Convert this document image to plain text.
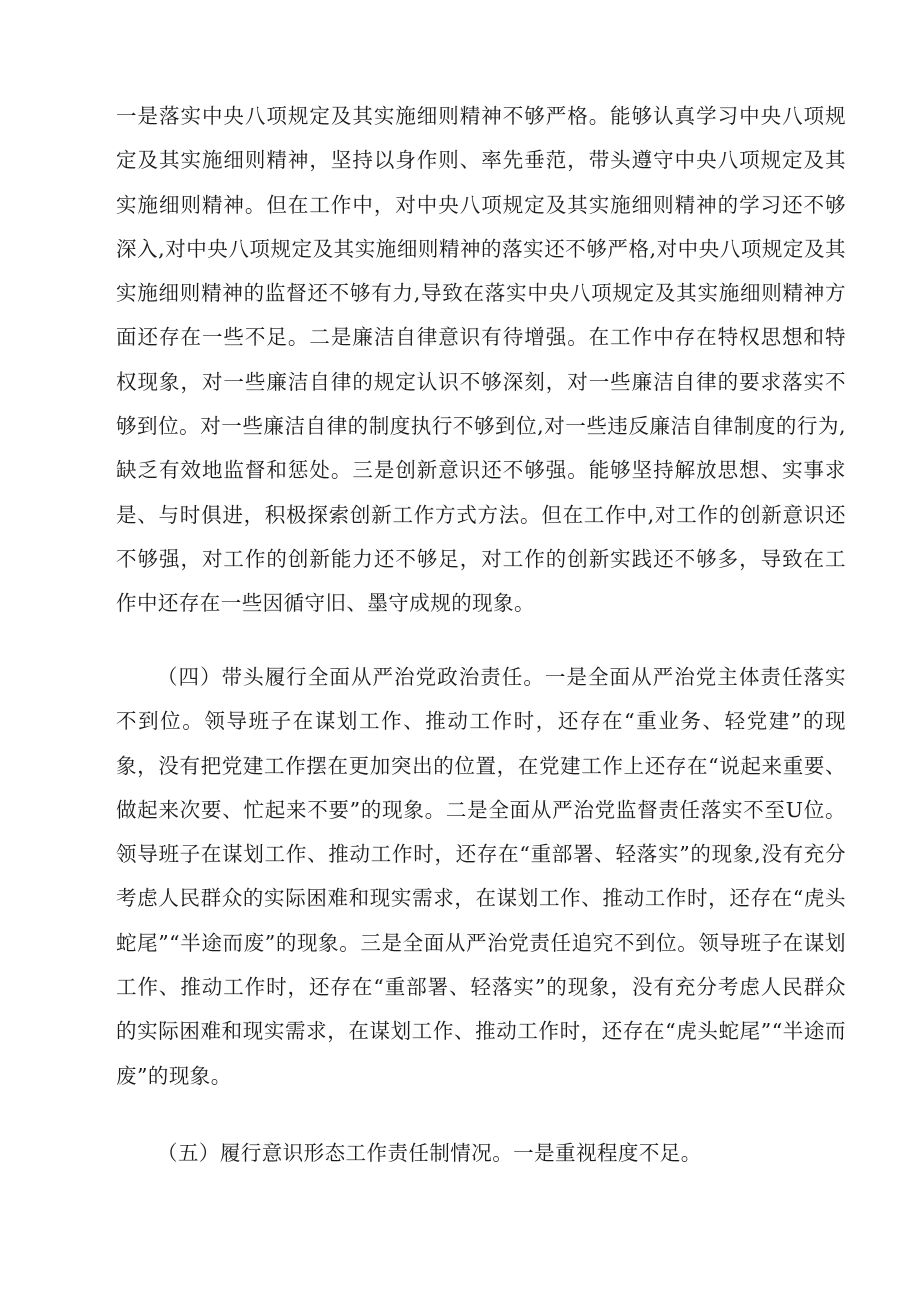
一是落实中央八项规定及其实施细则精神不够严格。能够认真学习中央八项规定及其实施细则精神，坚持以身作则、率先垂范，带头遵守中央八项规定及其实施细则精神。但在工作中，对中央八项规定及其实施细则精神的学习还不够深入,对中央八项规定及其实施细则精神的落实还不够严格,对中央八项规定及其实施细则精神的监督还不够有力,导致在落实中央八项规定及其实施细则精神方面还存在一些不足。二是廉洁自律意识有待增强。在工作中存在特权思想和特权现象，对一些廉洁自律的规定认识不够深刻，对一些廉洁自律的要求落实不够到位。对一些廉洁自律的制度执行不够到位,对一些违反廉洁自律制度的行为,缺乏有效地监督和惩处。三是创新意识还不够强。能够坚持解放思想、实事求是、与时俱进，积极探索创新工作方式方法。但在工作中,对工作的创新意识还不够强，对工作的创新能力还不够足，对工作的创新实践还不够多，导致在工作中还存在一些因循守旧、墨守成规的现象。

（四）带头履行全面从严治党政治责任。一是全面从严治党主体责任落实不到位。领导班子在谋划工作、推动工作时，还存在“重业务、轻党建”的现象，没有把党建工作摆在更加突出的位置，在党建工作上还存在“说起来重要、做起来次要、忙起来不要”的现象。二是全面从严治党监督责任落实不至U位。领导班子在谋划工作、推动工作时，还存在“重部署、轻落实”的现象,没有充分考虑人民群众的实际困难和现实需求，在谋划工作、推动工作时，还存在“虎头蛇尾”“半途而废”的现象。三是全面从严治党责任追究不到位。领导班子在谋划工作、推动工作时，还存在“重部署、轻落实”的现象，没有充分考虑人民群众的实际困难和现实需求，在谋划工作、推动工作时，还存在“虎头蛇尾”“半途而废”的现象。

（五）履行意识形态工作责任制情况。一是重视程度不足。
